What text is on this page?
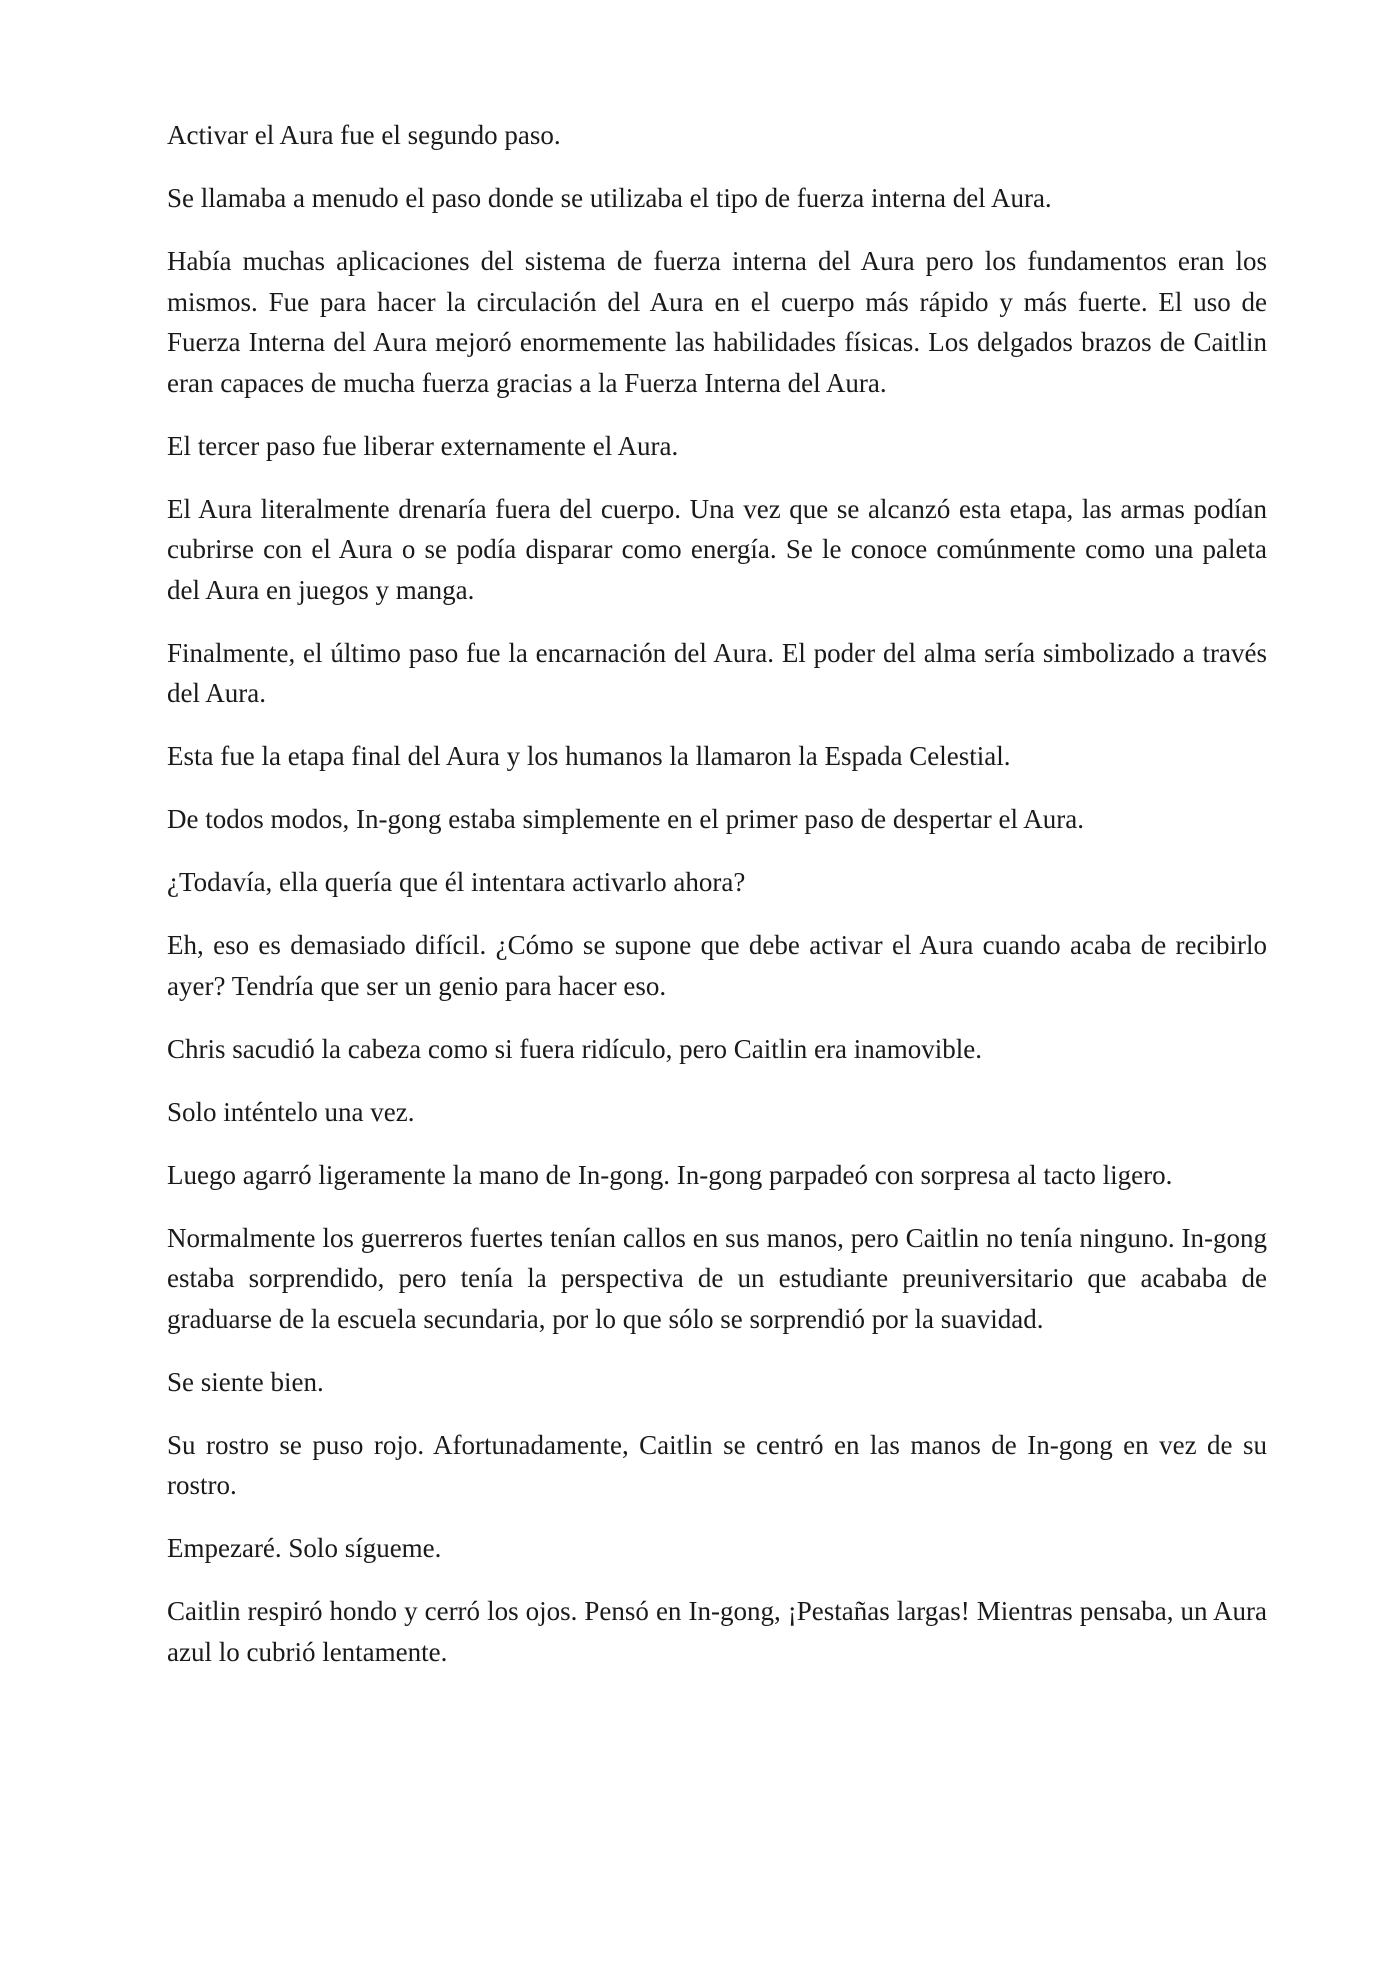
Activar el Aura fue el segundo paso.

Se llamaba a menudo el paso donde se utilizaba el tipo de fuerza interna del Aura.

Había muchas aplicaciones del sistema de fuerza interna del Aura pero los fundamentos eran los mismos. Fue para hacer la circulación del Aura en el cuerpo más rápido y más fuerte. El uso de Fuerza Interna del Aura mejoró enormemente las habilidades físicas. Los delgados brazos de Caitlin eran capaces de mucha fuerza gracias a la Fuerza Interna del Aura.

El tercer paso fue liberar externamente el Aura.

El Aura literalmente drenaría fuera del cuerpo. Una vez que se alcanzó esta etapa, las armas podían cubrirse con el Aura o se podía disparar como energía. Se le conoce comúnmente como una paleta del Aura en juegos y manga.

Finalmente, el último paso fue la encarnación del Aura. El poder del alma sería simbolizado a través del Aura.

Esta fue la etapa final del Aura y los humanos la llamaron la Espada Celestial.

De todos modos, In-gong estaba simplemente en el primer paso de despertar el Aura.

¿Todavía, ella quería que él intentara activarlo ahora?

Eh, eso es demasiado difícil. ¿Cómo se supone que debe activar el Aura cuando acaba de recibirlo ayer? Tendría que ser un genio para hacer eso.

Chris sacudió la cabeza como si fuera ridículo, pero Caitlin era inamovible.

Solo inténtelo una vez.

Luego agarró ligeramente la mano de In-gong. In-gong parpadeó con sorpresa al tacto ligero.

Normalmente los guerreros fuertes tenían callos en sus manos, pero Caitlin no tenía ninguno. In-gong estaba sorprendido, pero tenía la perspectiva de un estudiante preuniversitario que acababa de graduarse de la escuela secundaria, por lo que sólo se sorprendió por la suavidad.

Se siente bien.

Su rostro se puso rojo. Afortunadamente, Caitlin se centró en las manos de In-gong en vez de su rostro.

Empezaré. Solo sígueme.

Caitlin respiró hondo y cerró los ojos. Pensó en In-gong, ¡Pestañas largas! Mientras pensaba, un Aura azul lo cubrió lentamente.
